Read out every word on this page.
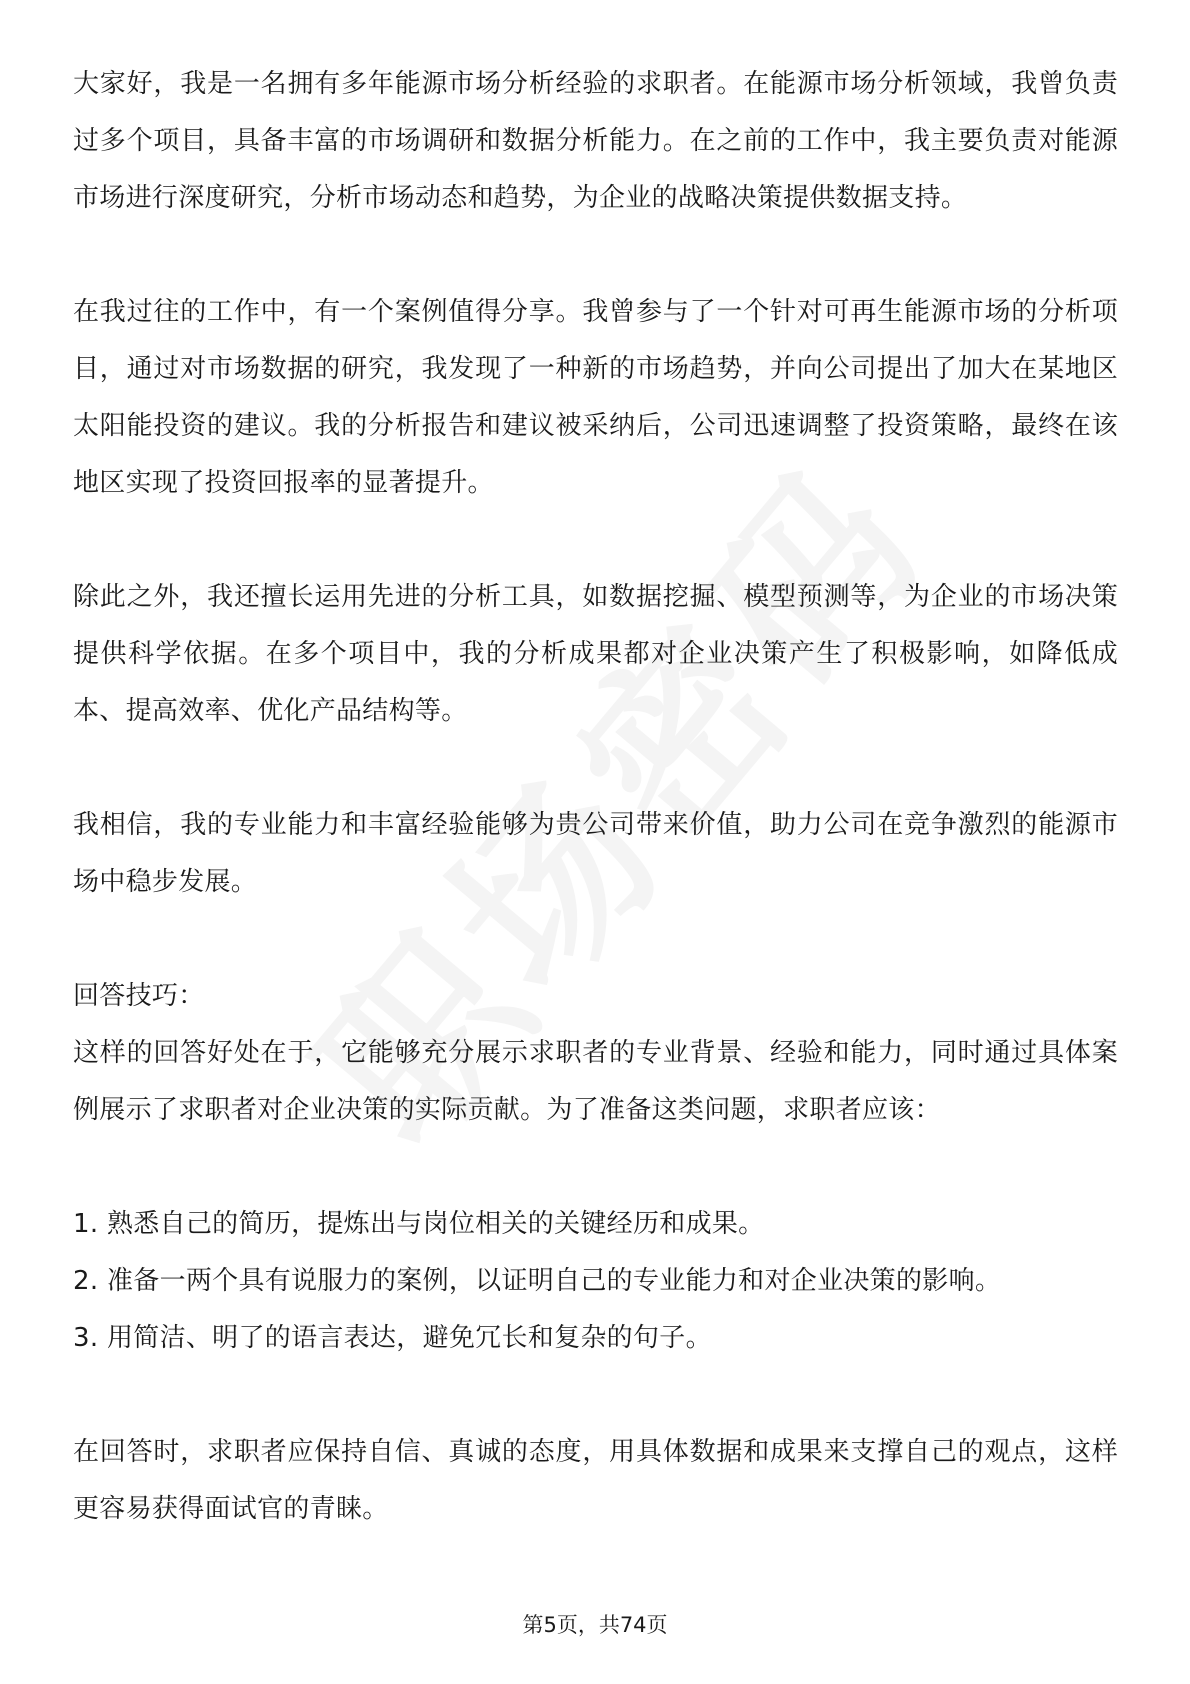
大家好，我是一名拥有多年能源市场分析经验的求职者。在能源市场分析领域，我曾负责过多个项目，具备丰富的市场调研和数据分析能力。在之前的工作中，我主要负责对能源市场进行深度研究，分析市场动态和趋势，为企业的战略决策提供数据支持。

在我过往的工作中，有一个案例值得分享。我曾参与了一个针对可再生能源市场的分析项目，通过对市场数据的研究，我发现了一种新的市场趋势，并向公司提出了加大在某地区太阳能投资的建议。我的分析报告和建议被采纳后，公司迅速调整了投资策略，最终在该地区实现了投资回报率的显著提升。

除此之外，我还擅长运用先进的分析工具，如数据挖掘、模型预测等，为企业的市场决策提供科学依据。在多个项目中，我的分析成果都对企业决策产生了积极影响，如降低成本、提高效率、优化产品结构等。

我相信，我的专业能力和丰富经验能够为贵公司带来价值，助力公司在竞争激烈的能源市场中稳步发展。

回答技巧：

这样的回答好处在于，它能够充分展示求职者的专业背景、经验和能力，同时通过具体案例展示了求职者对企业决策的实际贡献。为了准备这类问题，求职者应该：

1. 熟悉自己的简历，提炼出与岗位相关的关键经历和成果。

2. 准备一两个具有说服力的案例，以证明自己的专业能力和对企业决策的影响。

3. 用简洁、明了的语言表达，避免冗长和复杂的句子。

在回答时，求职者应保持自信、真诚的态度，用具体数据和成果来支撑自己的观点，这样更容易获得面试官的青睐。

第5页，共74页
